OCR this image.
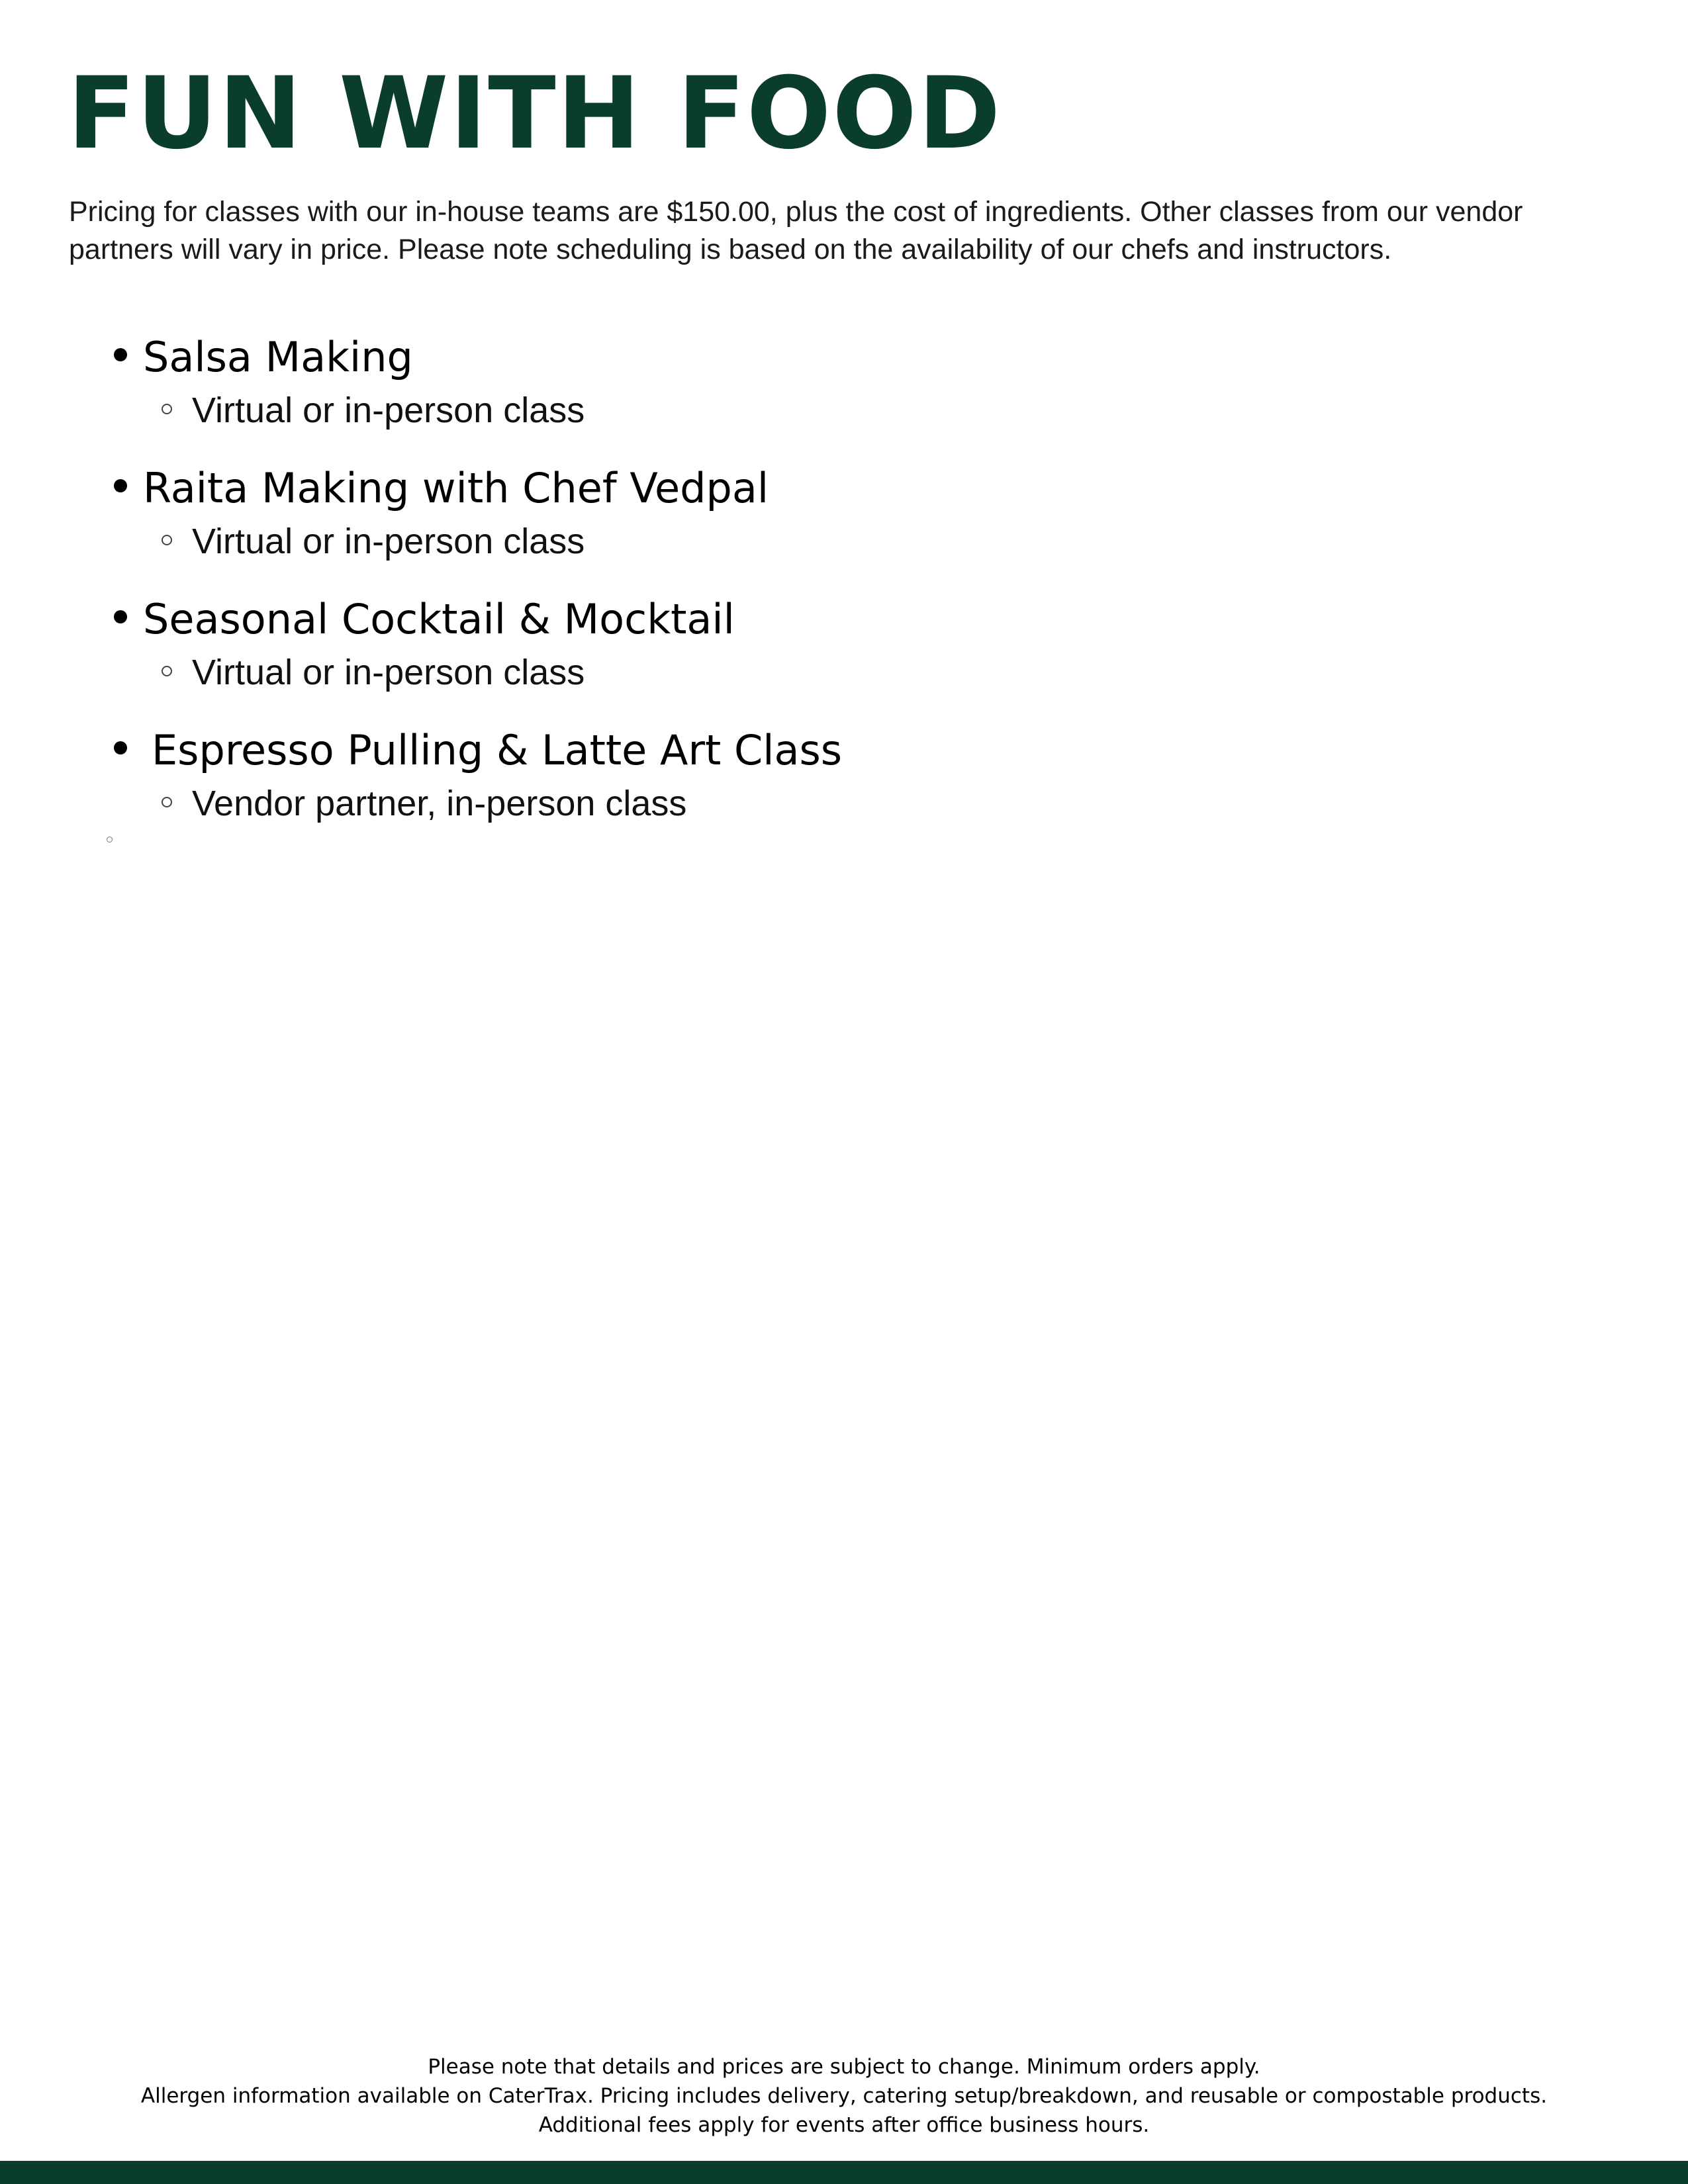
FUN WITH FOOD

Pricing for classes with our in-house teams are $150.00, plus the cost of ingredients. Other classes from our vendor partners will vary in price. Please note scheduling is based on the availability of our chefs and instructors.

Salsa Making
Virtual or in-person class
Raita Making with Chef Vedpal
Virtual or in-person class
Seasonal Cocktail & Mocktail
Virtual or in-person class
Espresso Pulling & Latte Art Class
Vendor partner, in-person class

Please note that details and prices are subject to change. Minimum orders apply.

Allergen information available on CaterTrax. Pricing includes delivery, catering setup/breakdown, and reusable or compostable products.

Additional fees apply for events after office business hours.
